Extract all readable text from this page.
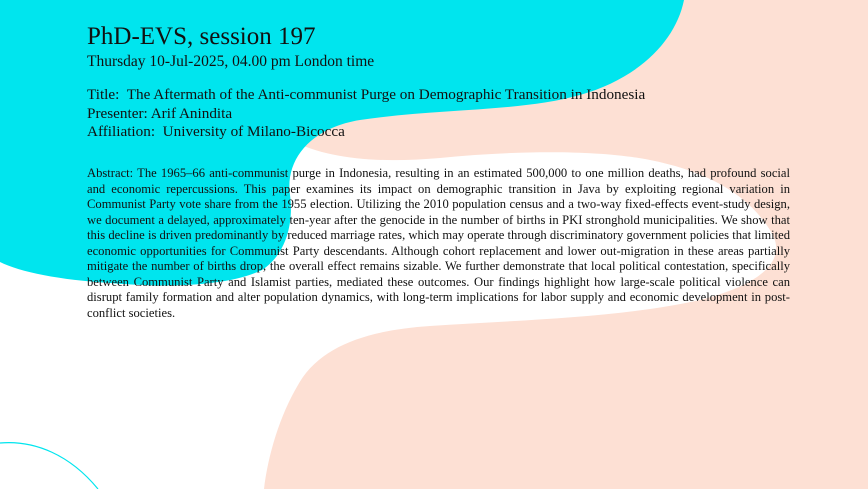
PhD-EVS, session 197
Thursday 10-Jul-2025, 04.00 pm London time
Title: The Aftermath of the Anti-communist Purge on Demographic Transition in Indonesia
Presenter: Arif Anindita
Affiliation: University of Milano-Bicocca
Abstract: The 1965–66 anti-communist purge in Indonesia, resulting in an estimated 500,000 to one million deaths, had profound social and economic repercussions. This paper examines its impact on demographic transition in Java by exploiting regional variation in Communist Party vote share from the 1955 election. Utilizing the 2010 population census and a two-way fixed-effects event-study design, we document a delayed, approximately ten-year after the genocide in the number of births in PKI stronghold municipalities. We show that this decline is driven predominantly by reduced marriage rates, which may operate through discriminatory government policies that limited economic opportunities for Communist Party descendants. Although cohort replacement and lower out-migration in these areas partially mitigate the number of births drop, the overall effect remains sizable. We further demonstrate that local political contestation, specifically between Communist Party and Islamist parties, mediated these outcomes. Our findings highlight how large-scale political violence can disrupt family formation and alter population dynamics, with long-term implications for labor supply and economic development in post-conflict societies.
